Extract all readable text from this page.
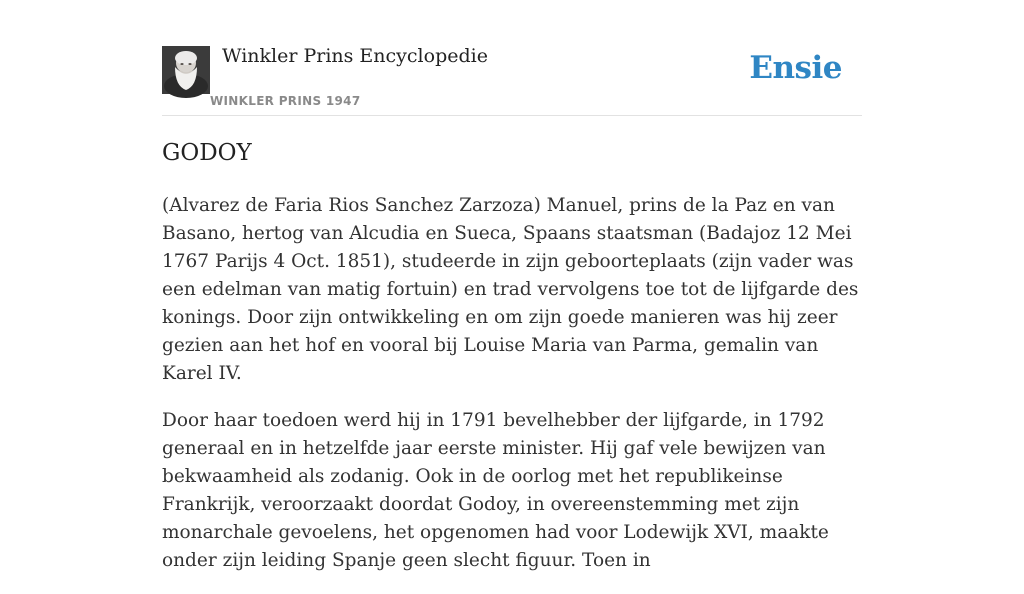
Winkler Prins Encyclopedie
WINKLER PRINS 1947
Ensie
GODOY

(Alvarez de Faria Rios Sanchez Zarzoza) Manuel, prins de la Paz en van Basano, hertog van Alcudia en Sueca, Spaans staatsman (Badajoz 12 Mei 1767 Parijs 4 Oct. 1851), studeerde in zijn geboorteplaats (zijn vader was een edelman van matig fortuin) en trad vervolgens toe tot de lijfgarde des konings. Door zijn ontwikkeling en om zijn goede manieren was hij zeer gezien aan het hof en vooral bij Louise Maria van Parma, gemalin van Karel IV.

Door haar toedoen werd hij in 1791 bevelhebber der lijfgarde, in 1792 generaal en in hetzelfde jaar eerste minister. Hij gaf vele bewijzen van bekwaamheid als zodanig. Ook in de oorlog met het republikeinse Frankrijk, veroorzaakt doordat Godoy, in overeenstemming met zijn monarchale gevoelens, het opgenomen had voor Lodewijk XVI, maakte onder zijn leiding Spanje geen slecht figuur. Toen in
